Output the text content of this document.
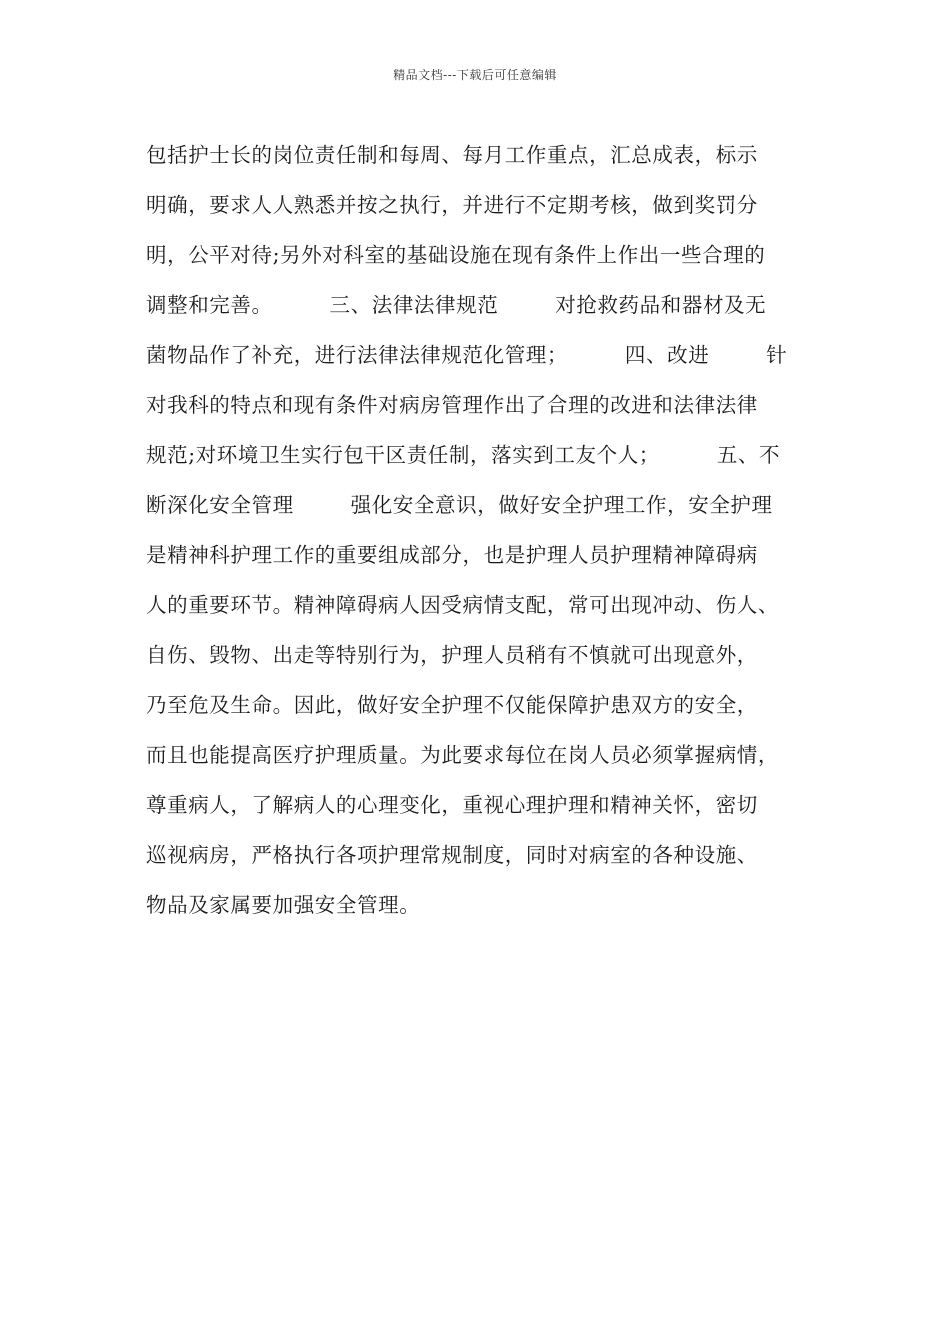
精品文档---下载后可任意编辑
包括护士长的岗位责任制和每周、每月工作重点，汇总成表，标示
明确，要求人人熟悉并按之执行，并进行不定期考核，做到奖罚分
明，公平对待;另外对科室的基础设施在现有条件上作出一些合理的
调整和完善。        三、法律法律规范        对抢救药品和器材及无
菌物品作了补充，进行法律法律规范化管理；        四、改进        针
对我科的特点和现有条件对病房管理作出了合理的改进和法律法律
规范;对环境卫生实行包干区责任制，落实到工友个人；        五、不
断深化安全管理        强化安全意识，做好安全护理工作，安全护理
是精神科护理工作的重要组成部分，也是护理人员护理精神障碍病
人的重要环节。精神障碍病人因受病情支配，常可出现冲动、伤人、
自伤、毁物、出走等特别行为，护理人员稍有不慎就可出现意外，
乃至危及生命。因此，做好安全护理不仅能保障护患双方的安全，
而且也能提高医疗护理质量。为此要求每位在岗人员必须掌握病情，
尊重病人，了解病人的心理变化，重视心理护理和精神关怀，密切
巡视病房，严格执行各项护理常规制度，同时对病室的各种设施、
物品及家属要加强安全管理。
